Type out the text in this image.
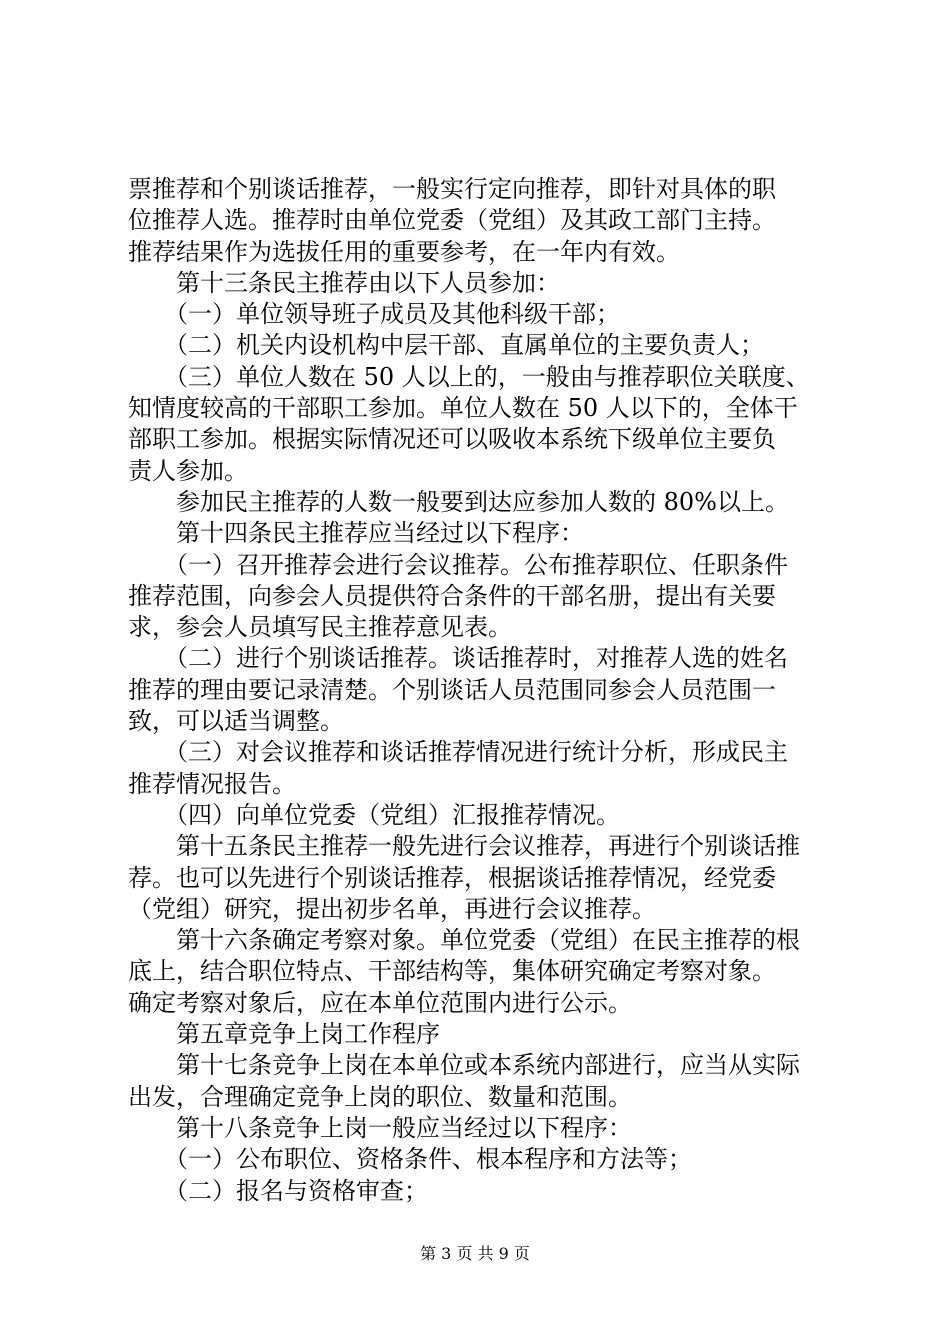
票推荐和个别谈话推荐，一般实行定向推荐，即针对具体的职

位推荐人选。推荐时由单位党委（党组）及其政工部门主持。

推荐结果作为选拔任用的重要参考，在一年内有效。

　　第十三条民主推荐由以下人员参加：

　　（一）单位领导班子成员及其他科级干部；

　　（二）机关内设机构中层干部、直属单位的主要负责人；

　　（三）单位人数在 50 人以上的，一般由与推荐职位关联度、

知情度较高的干部职工参加。单位人数在 50 人以下的，全体干

部职工参加。根据实际情况还可以吸收本系统下级单位主要负

责人参加。

　　参加民主推荐的人数一般要到达应参加人数的 80%以上。

　　第十四条民主推荐应当经过以下程序：

　　（一）召开推荐会进行会议推荐。公布推荐职位、任职条件

推荐范围，向参会人员提供符合条件的干部名册，提出有关要

求，参会人员填写民主推荐意见表。

　　（二）进行个别谈话推荐。谈话推荐时，对推荐人选的姓名

推荐的理由要记录清楚。个别谈话人员范围同参会人员范围一

致，可以适当调整。

　　（三）对会议推荐和谈话推荐情况进行统计分析，形成民主

推荐情况报告。

　　（四）向单位党委（党组）汇报推荐情况。

　　第十五条民主推荐一般先进行会议推荐，再进行个别谈话推

荐。也可以先进行个别谈话推荐，根据谈话推荐情况，经党委

（党组）研究，提出初步名单，再进行会议推荐。

　　第十六条确定考察对象。单位党委（党组）在民主推荐的根

底上，结合职位特点、干部结构等，集体研究确定考察对象。

确定考察对象后，应在本单位范围内进行公示。

　　第五章竞争上岗工作程序

　　第十七条竞争上岗在本单位或本系统内部进行，应当从实际

出发，合理确定竞争上岗的职位、数量和范围。

　　第十八条竞争上岗一般应当经过以下程序：

　　（一）公布职位、资格条件、根本程序和方法等；

　　（二）报名与资格审查；

第 3 页 共 9 页
